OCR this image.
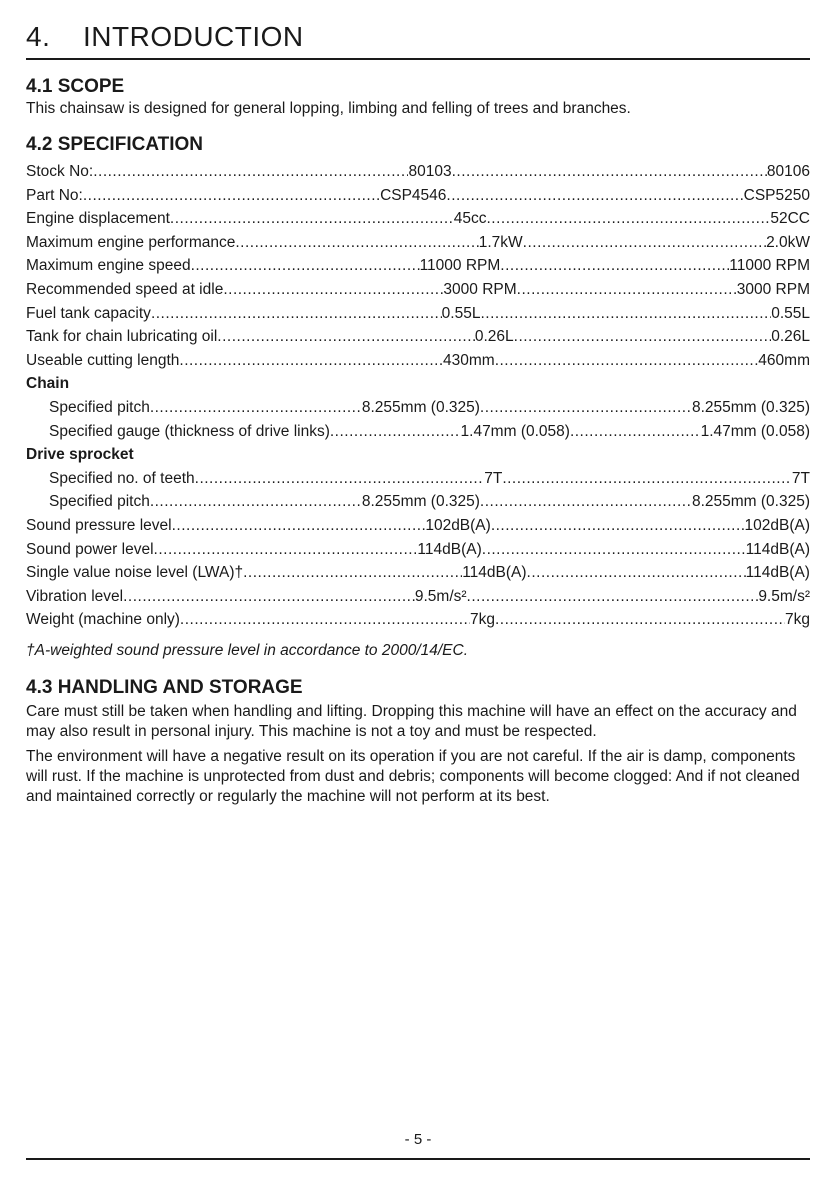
4. INTRODUCTION
4.1 SCOPE

This chainsaw is designed for general lopping, limbing and felling of trees and branches.

4.2 SPECIFICATION
Stock No: .....	80103 .....	80106
Part No: .....	CSP4546 .....	CSP5250
Engine displacement .....	45cc .....	52CC
Maximum engine performance .....	1.7kW .....	2.0kW
Maximum engine speed .....	11000 RPM .....	11000 RPM
Recommended speed at idle .....	3000 RPM .....	3000 RPM
Fuel tank capacity .....	0.55L .....	0.55L
Tank for chain lubricating oil .....	0.26L .....	0.26L
Useable cutting length .....	430mm .....	460mm
Chain
Specified pitch .....	8.255mm (0.325) .....	8.255mm (0.325)
Specified gauge (thickness of drive links) .....	1.47mm (0.058) .....	1.47mm (0.058)
Drive sprocket
Specified no. of teeth .....	7T .....	7T
Specified pitch .....	8.255mm (0.325) .....	8.255mm (0.325)
Sound pressure level .....	102dB(A) .....	102dB(A)
Sound power level .....	114dB(A) .....	114dB(A)
Single value noise level (LWA)† .....	114dB(A) .....	114dB(A)
Vibration level .....	9.5m/s² .....	9.5m/s²
Weight (machine only) .....	7kg .....	7kg
†A-weighted sound pressure level in accordance to 2000/14/EC.
4.3 HANDLING AND STORAGE

Care must still be taken when handling and lifting. Dropping this machine will have an effect on the accuracy and may also result in personal injury. This machine is not a toy and must be respected.

The environment will have a negative result on its operation if you are not careful. If the air is damp, components will rust. If the machine is unprotected from dust and debris; components will become clogged: And if not cleaned and maintained correctly or regularly the machine will not perform at its best.

- 5 -
